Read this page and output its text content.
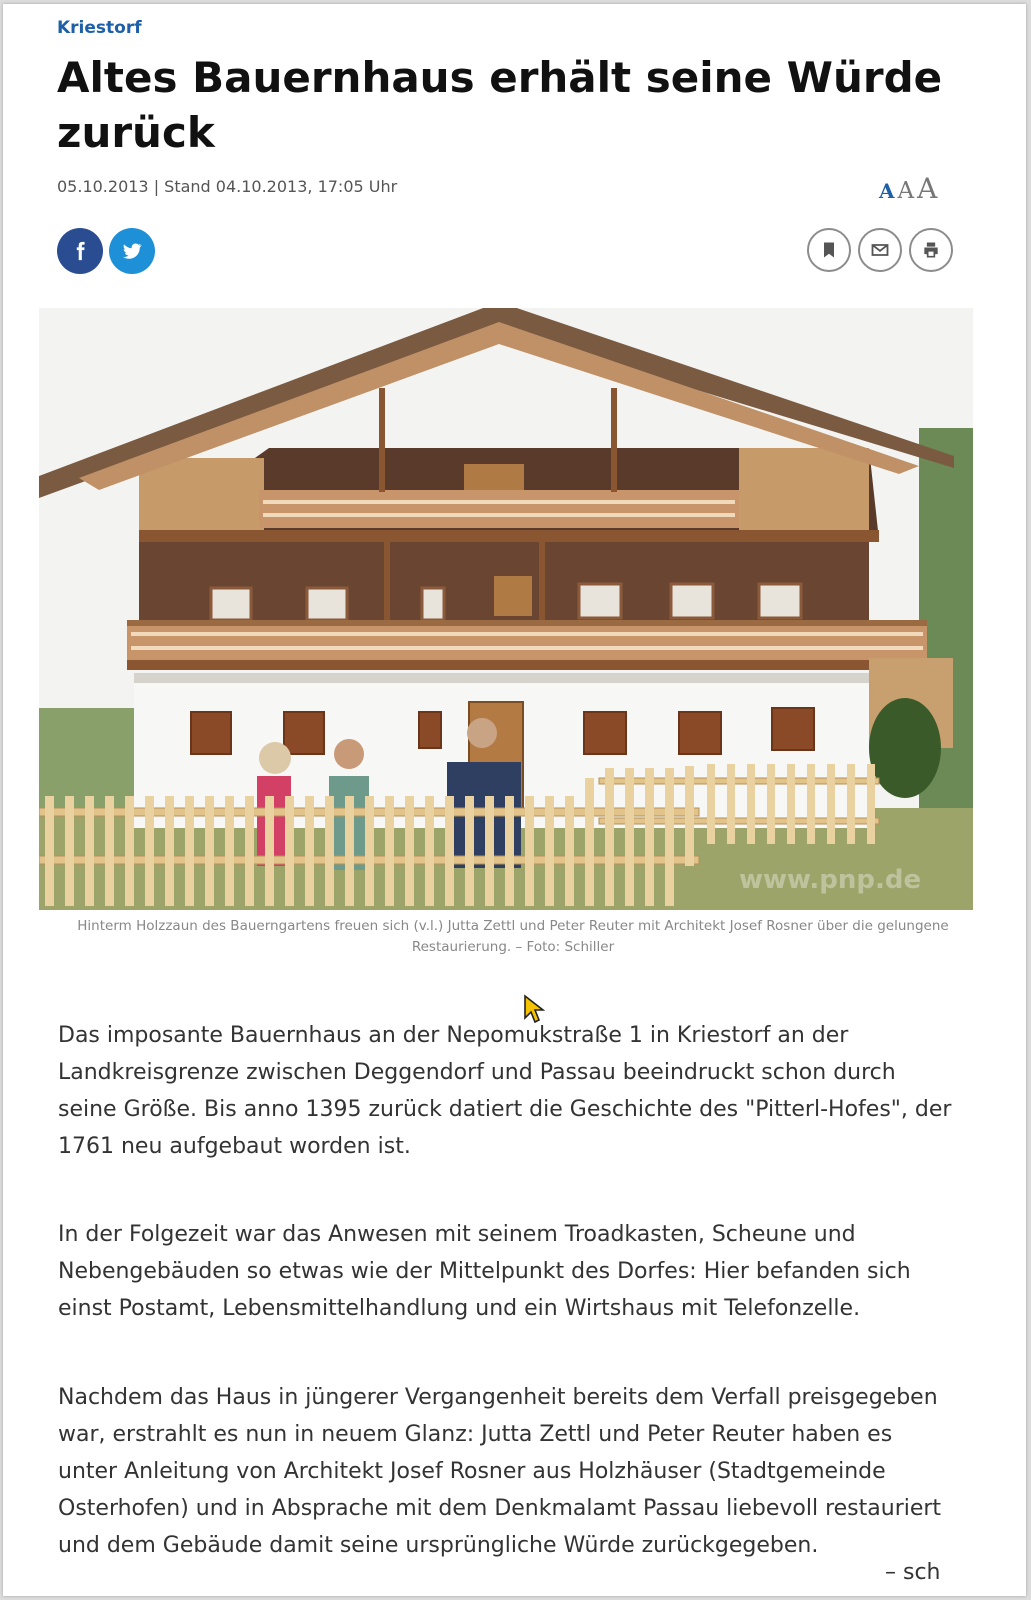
Kriestorf
Altes Bauernhaus erhält seine Würde zurück
05.10.2013 | Stand 04.10.2013, 17:05 Uhr	A A A
www.pnp.de
Hinterm Holzzaun des Bauerngartens freuen sich (v.l.) Jutta Zettl und Peter Reuter mit Architekt Josef Rosner über die gelungene Restaurierung. – Foto: Schiller

Das imposante Bauernhaus an der Nepomukstraße 1 in Kriestorf an der Landkreisgrenze zwischen Deggendorf und Passau beeindruckt schon durch seine Größe. Bis anno 1395 zurück datiert die Geschichte des "Pitterl-Hofes", der 1761 neu aufgebaut worden ist.

In der Folgezeit war das Anwesen mit seinem Troadkasten, Scheune und Nebengebäuden so etwas wie der Mittelpunkt des Dorfes: Hier befanden sich einst Postamt, Lebensmittelhandlung und ein Wirtshaus mit Telefonzelle.

Nachdem das Haus in jüngerer Vergangenheit bereits dem Verfall preisgegeben war, erstrahlt es nun in neuem Glanz: Jutta Zettl und Peter Reuter haben es unter Anleitung von Architekt Josef Rosner aus Holzhäuser (Stadtgemeinde Osterhofen) und in Absprache mit dem Denkmalamt Passau liebevoll restauriert und dem Gebäude damit seine ursprüngliche Würde zurückgegeben.

– sch
